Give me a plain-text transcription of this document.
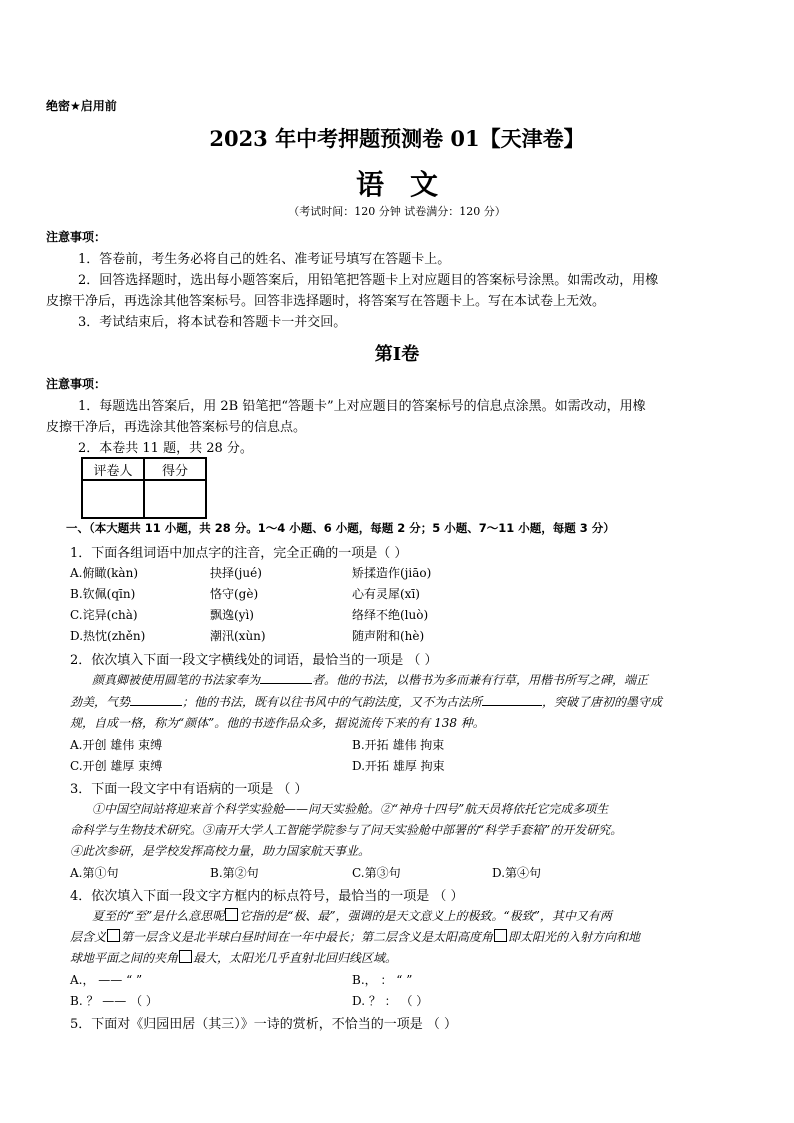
绝密★启用前
2023 年中考押题预测卷 01【天津卷】
语文
（考试时间：120 分钟 试卷满分：120 分）
注意事项：
1．答卷前，考生务必将自己的姓名、准考证号填写在答题卡上。
2．回答选择题时，选出每小题答案后，用铅笔把答题卡上对应题目的答案标号涂黑。如需改动，用橡
皮擦干净后，再选涂其他答案标号。回答非选择题时，将答案写在答题卡上。写在本试卷上无效。
3．考试结束后，将本试卷和答题卡一并交回。
第Ⅰ卷
注意事项：
1．每题选出答案后，用 2B 铅笔把“答题卡”上对应题目的答案标号的信息点涂黑。如需改动，用橡
皮擦干净后，再选涂其他答案标号的信息点。
2．本卷共 11 题，共 28 分。
评卷人	得分

一、（本大题共 11 小题，共 28 分。1～4 小题、6 小题，每题 2 分；5 小题、7～11 小题，每题 3 分）
1．下面各组词语中加点字的注音，完全正确的一项是（ ）
A.俯瞰(kàn)	抉择(jué)	矫揉造作(jiāo)
B.钦佩(qīn)	恪守(gè)	心有灵犀(xī)
C.诧异(chà)	飘逸(yì)	络绎不绝(luò)
D.热忱(zhěn)	潮汛(xùn)	随声附和(hè)
2．依次填入下面一段文字横线处的词语，最恰当的一项是 （ ）
颜真卿被使用圆笔的书法家奉为	者。他的书法，以楷书为多而兼有行草，用楷书所写之碑，端正
劲美，气势	；他的书法，既有以往书风中的气韵法度，又不为古法所	，突破了唐初的墨守成
规，自成一格，称为“颜体”。他的书迹作品众多，据说流传下来的有 138 种。
A.开创 雄伟 束缚	B.开拓 雄伟 拘束
C.开创 雄厚 束缚	D.开拓 雄厚 拘束
3．下面一段文字中有语病的一项是 （ ）
①中国空间站将迎来首个科学实验舱——问天实验舱。②“神舟十四号”航天员将依托它完成多项生
命科学与生物技术研究。③南开大学人工智能学院参与了问天实验舱中部署的“科学手套箱”的开发研究。
④此次参研，是学校发挥高校力量，助力国家航天事业。
A.第①句	B.第②句	C.第③句	D.第④句
4．依次填入下面一段文字方框内的标点符号，最恰当的一项是 （ ）
夏至的“至”是什么意思呢 它指的是“极、最”，强调的是天文意义上的极致。“极致”，其中又有两
层含义 第一层含义是北半球白昼时间在一年中最长；第二层含义是太阳高度角 即太阳光的入射方向和地
球地平面之间的夹角 最大，太阳光几乎直射北回归线区域。
A.， —— “ ”	B.， ： “ ”
B. ？ —— （ ）	D. ？ ： （ ）
5．下面对《归园田居（其三）》一诗的赏析，不恰当的一项是 （ ）
